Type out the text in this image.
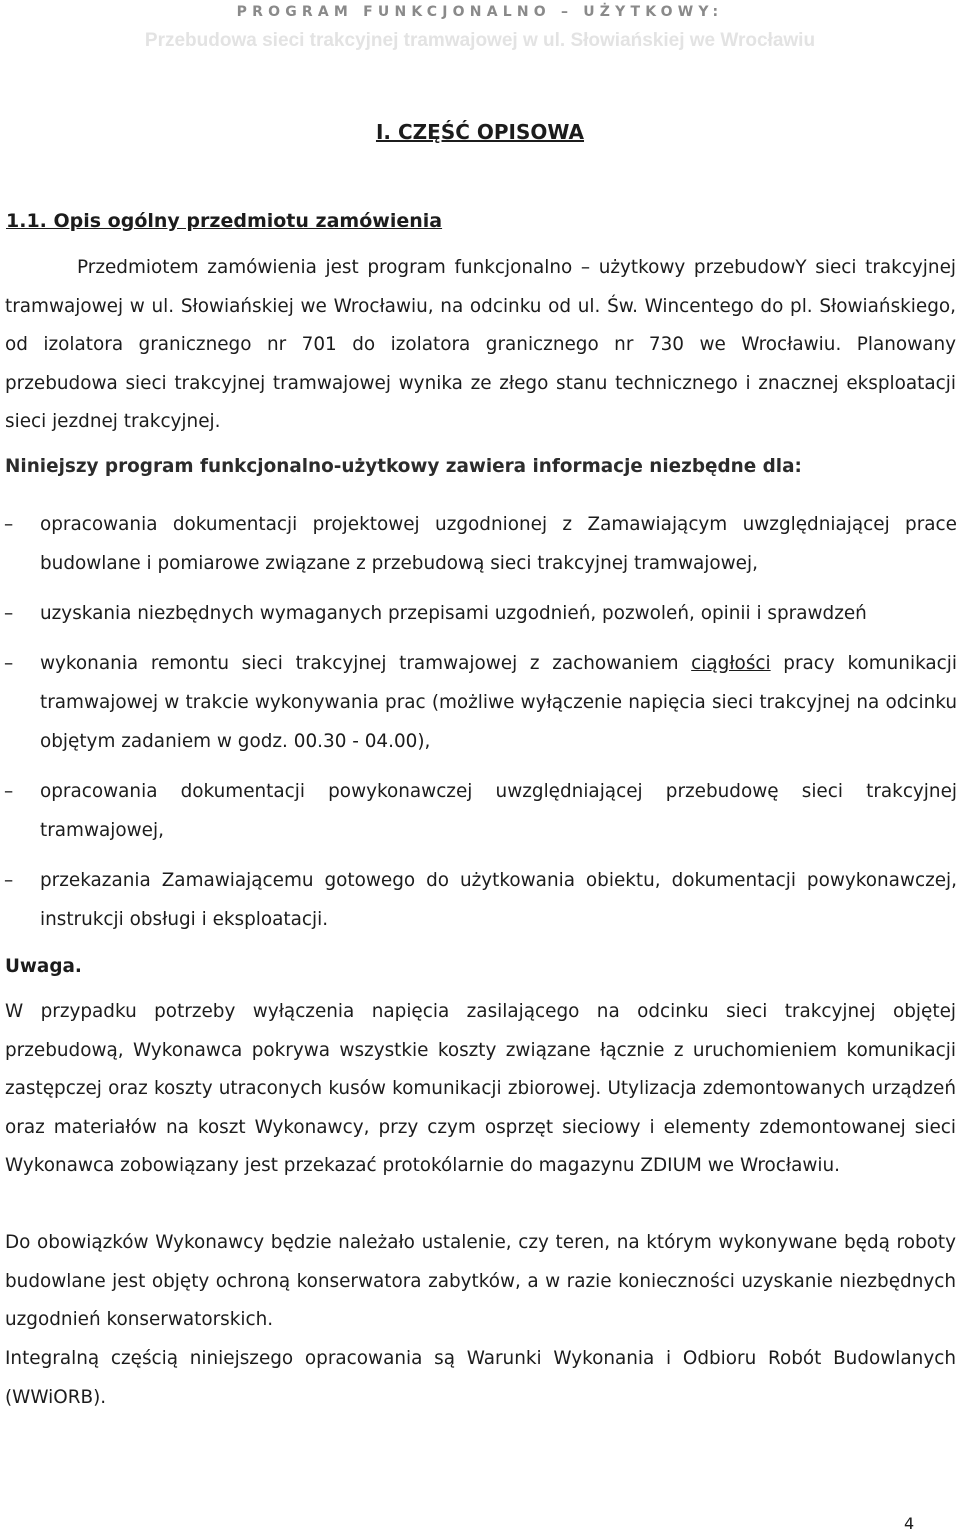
PROGRAM FUNKCJONALNO – UŻYTKOWY:
Przebudowa sieci trakcyjnej tramwajowej w ul. Słowiańskiej we Wrocławiu
I. CZĘŚĆ OPISOWA
1.1. Opis ogólny przedmiotu zamówienia

Przedmiotem zamówienia jest program funkcjonalno – użytkowy przebudowY sieci trakcyjnej tramwajowej w ul. Słowiańskiej we Wrocławiu, na odcinku od ul. Św. Wincentego do pl. Słowiańskiego, od izolatora granicznego nr 701 do izolatora granicznego nr 730 we Wrocławiu. Planowany przebudowa sieci trakcyjnej tramwajowej wynika ze złego stanu technicznego i znacznej eksploatacji sieci jezdnej trakcyjnej.

Niniejszy program funkcjonalno-użytkowy zawiera informacje niezbędne dla:
– opracowania dokumentacji projektowej uzgodnionej z Zamawiającym uwzględniającej prace budowlane i pomiarowe związane z przebudową sieci trakcyjnej tramwajowej,
– uzyskania niezbędnych wymaganych przepisami uzgodnień, pozwoleń, opinii i sprawdzeń
– wykonania remontu sieci trakcyjnej tramwajowej z zachowaniem ciągłości pracy komunikacji tramwajowej w trakcie wykonywania prac (możliwe wyłączenie napięcia sieci trakcyjnej na odcinku objętym zadaniem w godz. 00.30 - 04.00),
– opracowania dokumentacji powykonawczej uwzględniającej przebudowę sieci trakcyjnej tramwajowej,
– przekazania Zamawiającemu gotowego do użytkowania obiektu, dokumentacji powykonawczej, instrukcji obsługi i eksploatacji.
Uwaga.

W przypadku potrzeby wyłączenia napięcia zasilającego na odcinku sieci trakcyjnej objętej przebudową, Wykonawca pokrywa wszystkie koszty związane łącznie z uruchomieniem komunikacji zastępczej oraz koszty utraconych kusów komunikacji zbiorowej. Utylizacja zdemontowanych urządzeń oraz materiałów na koszt Wykonawcy, przy czym osprzęt sieciowy i elementy zdemontowanej sieci Wykonawca zobowiązany jest przekazać protokólarnie do magazynu ZDIUM we Wrocławiu.

Do obowiązków Wykonawcy będzie należało ustalenie, czy teren, na którym wykonywane będą roboty budowlane jest objęty ochroną konserwatora zabytków, a w razie konieczności uzyskanie niezbędnych uzgodnień konserwatorskich.

Integralną częścią niniejszego opracowania są Warunki Wykonania i Odbioru Robót Budowlanych (WWiORB).

4
